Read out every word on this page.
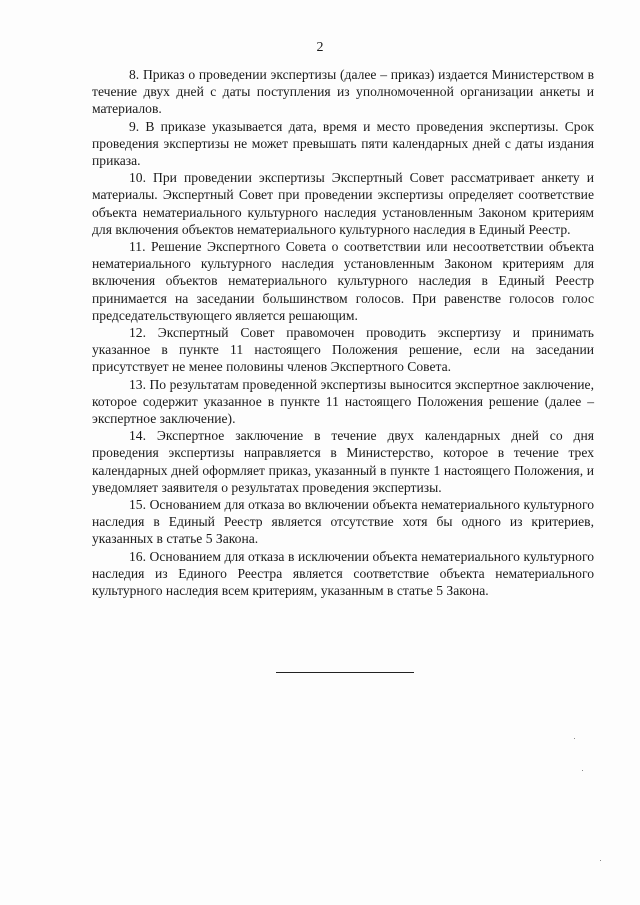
2

8. Приказ о проведении экспертизы (далее – приказ) издается Министерством в течение двух дней с даты поступления из уполномоченной организации анкеты и материалов.

9. В приказе указывается дата, время и место проведения экспертизы. Срок проведения экспертизы не может превышать пяти календарных дней с даты издания приказа.

10. При проведении экспертизы Экспертный Совет рассматривает анкету и материалы. Экспертный Совет при проведении экспертизы определяет соответствие объекта нематериального культурного наследия установленным Законом критериям для включения объектов нематериального культурного наследия в Единый Реестр.

11. Решение Экспертного Совета о соответствии или несоответствии объекта нематериального культурного наследия установленным Законом критериям для включения объектов нематериального культурного наследия в Единый Реестр принимается на заседании большинством голосов. При равенстве голосов голос председательствующего является решающим.

12. Экспертный Совет правомочен проводить экспертизу и принимать указанное в пункте 11 настоящего Положения решение, если на заседании присутствует не менее половины членов Экспертного Совета.

13. По результатам проведенной экспертизы выносится экспертное заключение, которое содержит указанное в пункте 11 настоящего Положения решение (далее – экспертное заключение).

14. Экспертное заключение в течение двух календарных дней со дня проведения экспертизы направляется в Министерство, которое в течение трех календарных дней оформляет приказ, указанный в пункте 1 настоящего Положения, и уведомляет заявителя о результатах проведения экспертизы.

15. Основанием для отказа во включении объекта нематериального культурного наследия в Единый Реестр является отсутствие хотя бы одного из критериев, указанных в статье 5 Закона.

16. Основанием для отказа в исключении объекта нематериального культурного наследия из Единого Реестра является соответствие объекта нематериального культурного наследия всем критериям, указанным в статье 5 Закона.
